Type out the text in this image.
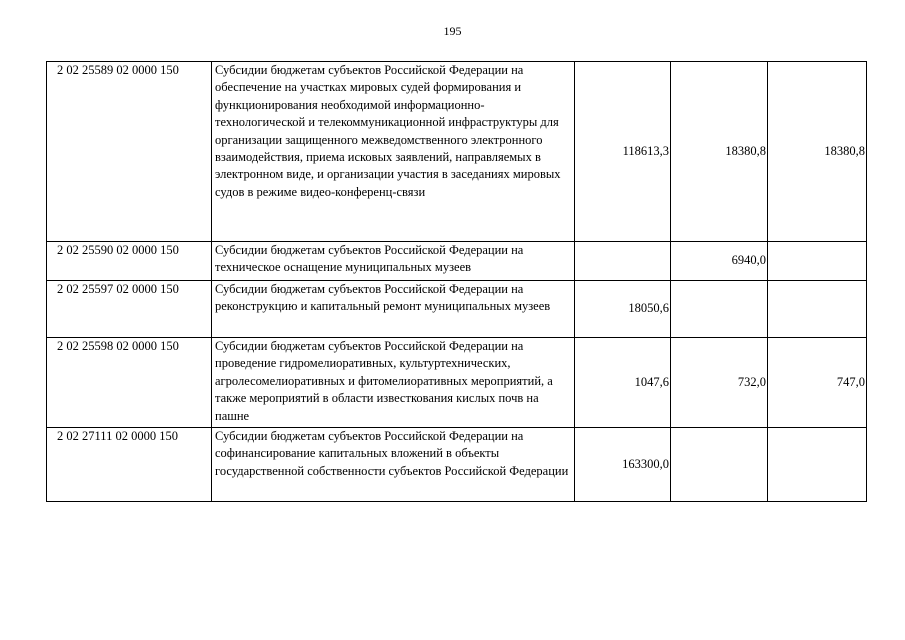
195
2 02 25589 02 0000 150	Субсидии бюджетам субъектов Российской Федерации на обеспечение на участках мировых судей формирования и функционирования необходимой информационно-технологической и телекоммуникационной инфраструктуры для организации защищенного межведомственного электронного взаимодействия, приема исковых заявлений, направляемых в электронном виде, и организации участия в заседаниях мировых судов в режиме видео-конференц-связи	118613,3	18380,8	18380,8
2 02 25590 02 0000 150	Субсидии бюджетам субъектов Российской Федерации на техническое оснащение муниципальных музеев		6940,0	
2 02 25597 02 0000 150	Субсидии бюджетам субъектов Российской Федерации на реконструкцию и капитальный ремонт муниципальных музеев	18050,6		
2 02 25598 02 0000 150	Субсидии бюджетам субъектов Российской Федерации на проведение гидромелиоративных, культуртехнических, агролесомелиоративных и фитомелиоративных мероприятий, а также мероприятий в области известкования кислых почв на пашне	1047,6	732,0	747,0
2 02 27111 02 0000 150	Субсидии бюджетам субъектов Российской Федерации на софинансирование капитальных вложений в объекты государственной собственности субъектов Российской Федерации	163300,0		
